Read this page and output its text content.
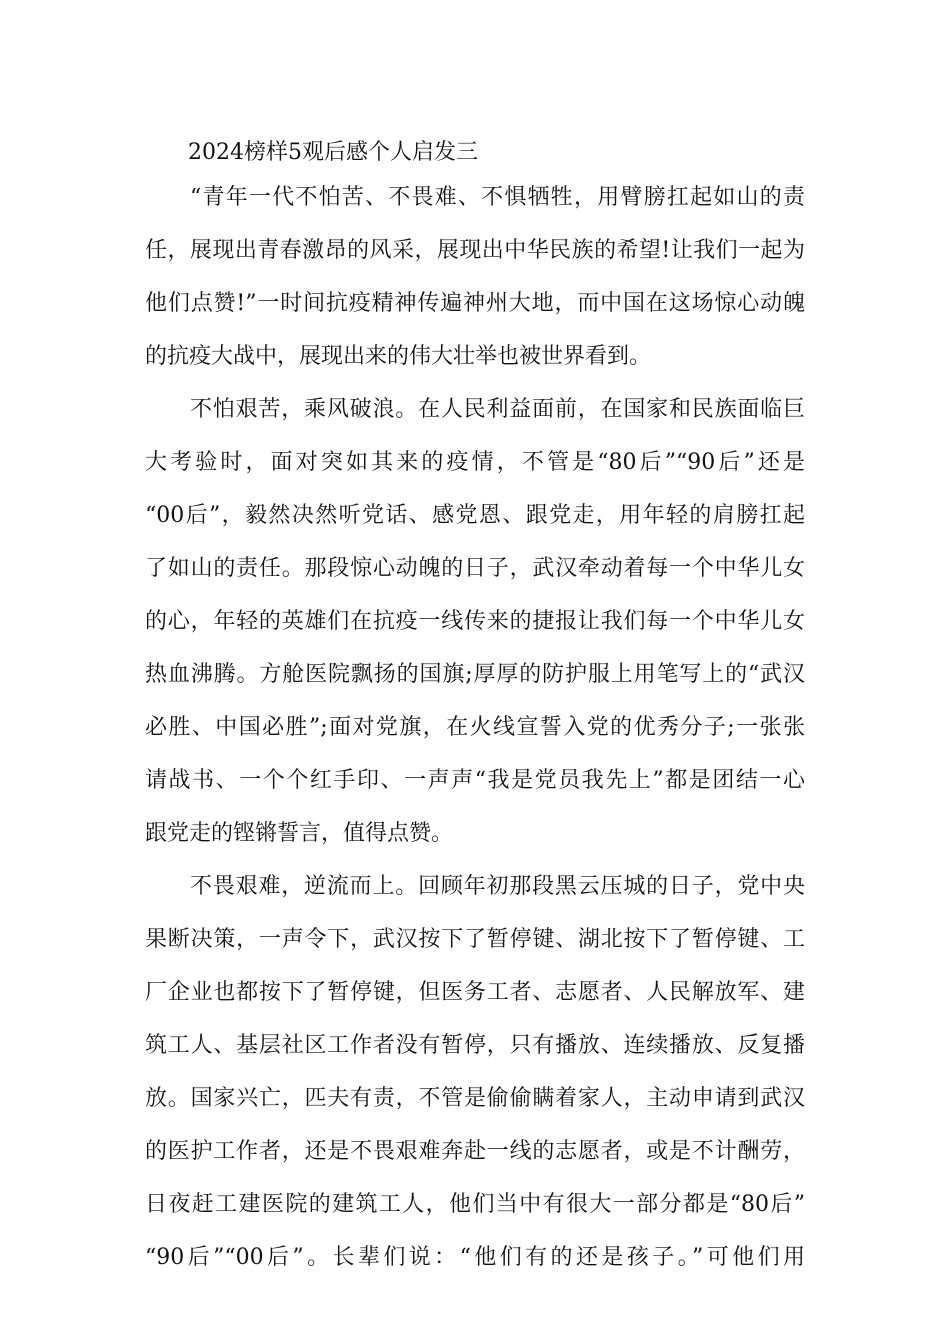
2024榜样5观后感个人启发三
“青年一代不怕苦、不畏难、不惧牺牲，用臂膀扛起如山的责
任，展现出青春激昂的风采，展现出中华民族的希望!让我们一起为
他们点赞!”一时间抗疫精神传遍神州大地，而中国在这场惊心动魄
的抗疫大战中，展现出来的伟大壮举也被世界看到。
不怕艰苦，乘风破浪。在人民利益面前，在国家和民族面临巨
大考验时，面对突如其来的疫情，不管是“80后”“90后”还是
“00后”，毅然决然听党话、感党恩、跟党走，用年轻的肩膀扛起
了如山的责任。那段惊心动魄的日子，武汉牵动着每一个中华儿女
的心，年轻的英雄们在抗疫一线传来的捷报让我们每一个中华儿女
热血沸腾。方舱医院飘扬的国旗;厚厚的防护服上用笔写上的“武汉
必胜、中国必胜”;面对党旗，在火线宣誓入党的优秀分子;一张张
请战书、一个个红手印、一声声“我是党员我先上”都是团结一心
跟党走的铿锵誓言，值得点赞。
不畏艰难，逆流而上。回顾年初那段黑云压城的日子，党中央
果断决策，一声令下，武汉按下了暂停键、湖北按下了暂停键、工
厂企业也都按下了暂停键，但医务工者、志愿者、人民解放军、建
筑工人、基层社区工作者没有暂停，只有播放、连续播放、反复播
放。国家兴亡，匹夫有责，不管是偷偷瞒着家人，主动申请到武汉
的医护工作者，还是不畏艰难奔赴一线的志愿者，或是不计酬劳，
日夜赶工建医院的建筑工人，他们当中有很大一部分都是“80后”
“90后”“00后”。长辈们说：“他们有的还是孩子。”可他们用
